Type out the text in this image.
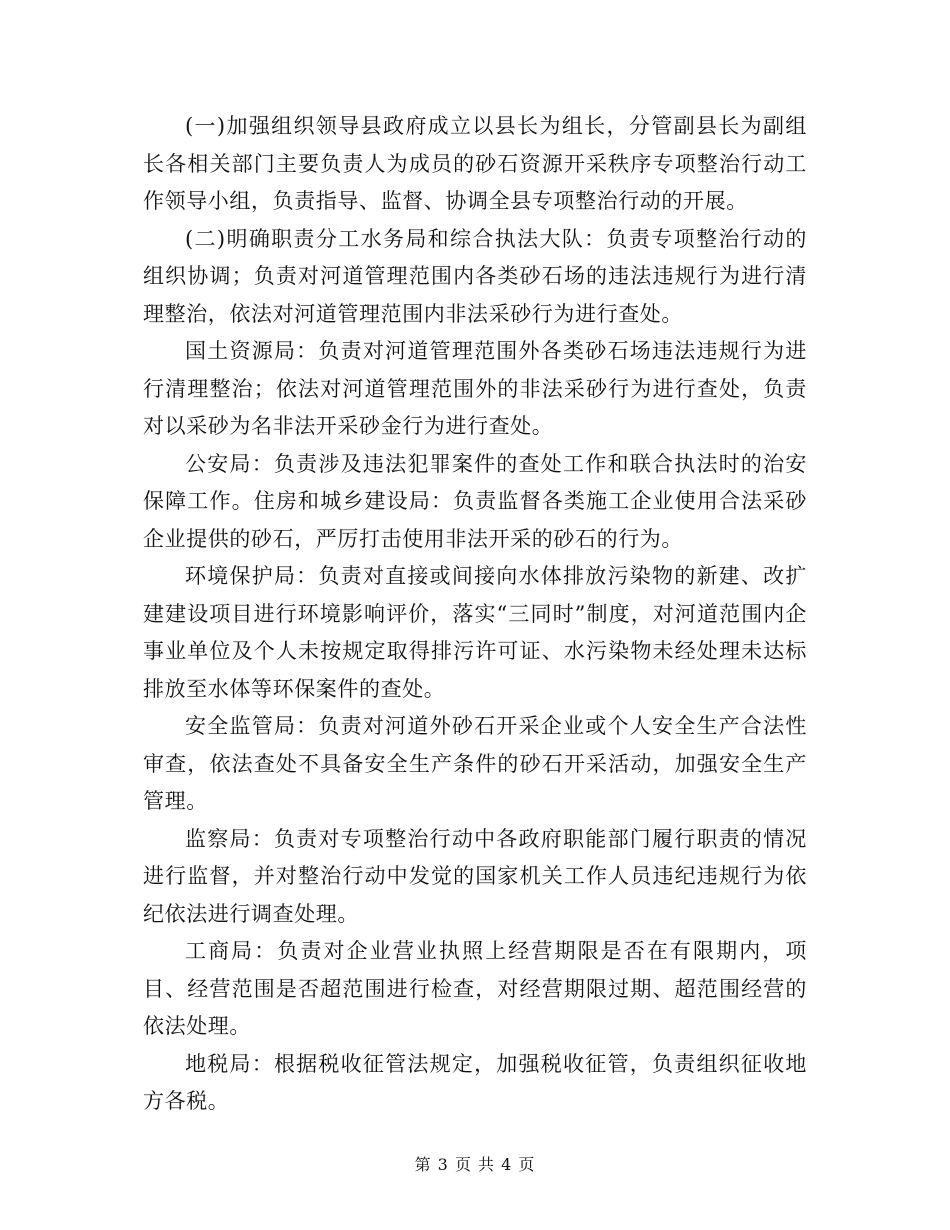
(一)加强组织领导县政府成立以县长为组长，分管副县长为副组长各相关部门主要负责人为成员的砂石资源开采秩序专项整治行动工作领导小组，负责指导、监督、协调全县专项整治行动的开展。

(二)明确职责分工水务局和综合执法大队：负责专项整治行动的组织协调；负责对河道管理范围内各类砂石场的违法违规行为进行清理整治，依法对河道管理范围内非法采砂行为进行查处。

国土资源局：负责对河道管理范围外各类砂石场违法违规行为进行清理整治；依法对河道管理范围外的非法采砂行为进行查处，负责对以采砂为名非法开采砂金行为进行查处。

公安局：负责涉及违法犯罪案件的查处工作和联合执法时的治安保障工作。住房和城乡建设局：负责监督各类施工企业使用合法采砂企业提供的砂石，严厉打击使用非法开采的砂石的行为。

环境保护局：负责对直接或间接向水体排放污染物的新建、改扩建建设项目进行环境影响评价，落实“三同时”制度，对河道范围内企事业单位及个人未按规定取得排污许可证、水污染物未经处理未达标排放至水体等环保案件的查处。

安全监管局：负责对河道外砂石开采企业或个人安全生产合法性审查，依法查处不具备安全生产条件的砂石开采活动，加强安全生产管理。

监察局：负责对专项整治行动中各政府职能部门履行职责的情况进行监督，并对整治行动中发觉的国家机关工作人员违纪违规行为依纪依法进行调查处理。

工商局：负责对企业营业执照上经营期限是否在有限期内，项目、经营范围是否超范围进行检查，对经营期限过期、超范围经营的依法处理。

地税局：根据税收征管法规定，加强税收征管，负责组织征收地方各税。

第 3 页 共 4 页
